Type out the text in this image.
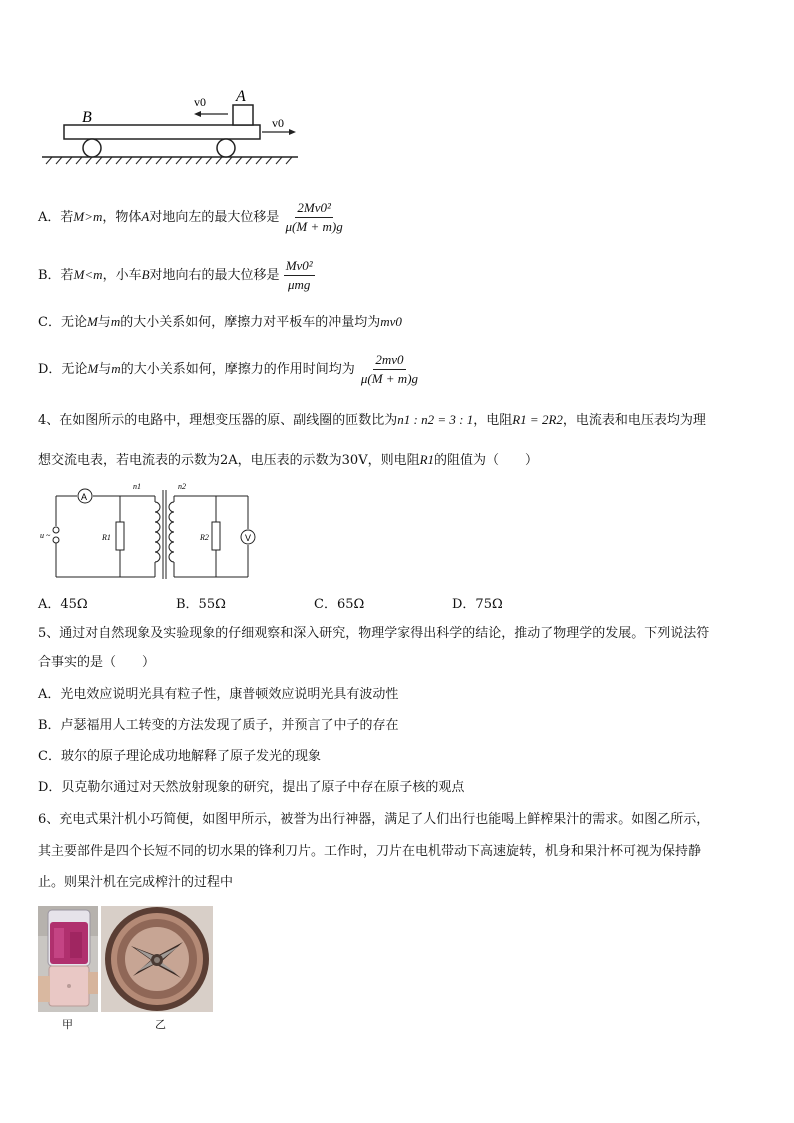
B
A
v0
v0
A．若M>m，物体A对地向左的最大位移是 $\frac{\text{2Mv0²}}{\mu(M + m)g}$
B．若M<m，小车B对地向右的最大位移是 $\frac{\text{Mv0²}}{\text{μmg}}$
C．无论M与m的大小关系如何，摩擦力对平板车的冲量均为mv0
D．无论M与m的大小关系如何，摩擦力的作用时间均为 $\frac{2mv0}{\mu(M + m)g}$
4、在如图所示的电路中，理想变压器的原、副线圈的匝数比为n1 : n2 = 3 : 1，电阻R1 = 2R2，电流表和电压表均为理
想交流电表，若电流表的示数为2A，电压表的示数为30V，则电阻R1的阻值为（　　）
A
V
u ~	R1	R2
n1	n2
A．45Ω	B．55Ω	C．65Ω	D．75Ω
5、通过对自然现象及实验现象的仔细观察和深入研究，物理学家得出科学的结论，推动了物理学的发展。下列说法符
合事实的是（　　）
A．光电效应说明光具有粒子性，康普顿效应说明光具有波动性
B．卢瑟福用人工转变的方法发现了质子，并预言了中子的存在
C．玻尔的原子理论成功地解释了原子发光的现象
D．贝克勒尔通过对天然放射现象的研究，提出了原子中存在原子核的观点
6、充电式果汁机小巧简便，如图甲所示，被誉为出行神器，满足了人们出行也能喝上鲜榨果汁的需求。如图乙所示，
其主要部件是四个长短不同的切水果的锋利刀片。工作时，刀片在电机带动下高速旋转，机身和果汁杯可视为保持静
止。则果汁机在完成榨汁的过程中
甲	乙
